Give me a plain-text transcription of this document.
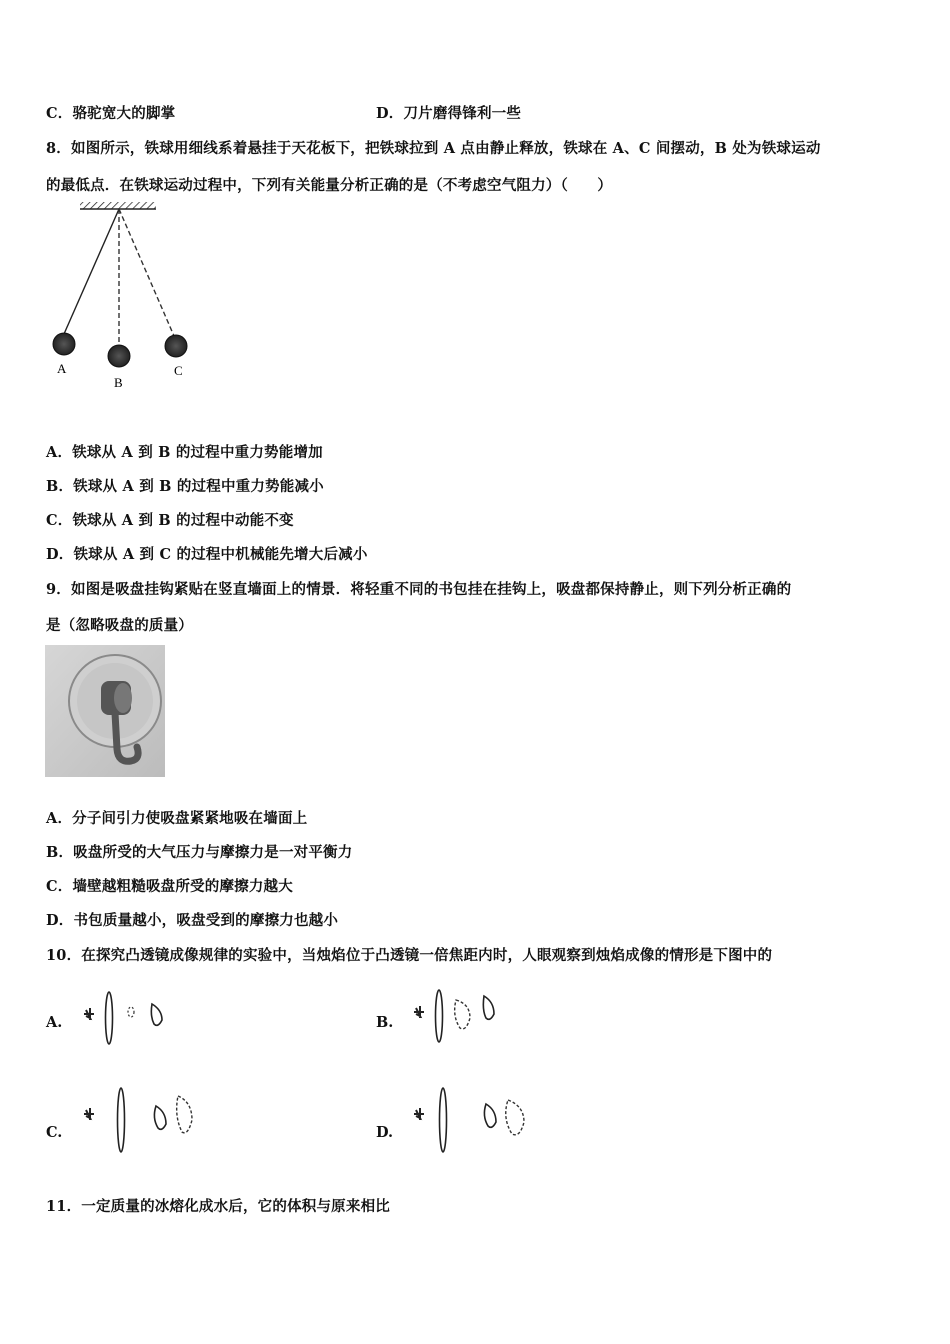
C．骆驼宽大的脚掌	D．刀片磨得锋利一些
8．如图所示，铁球用细线系着悬挂于天花板下，把铁球拉到 A 点由静止释放，铁球在 A、C 间摆动，B 处为铁球运动
的最低点．在铁球运动过程中，下列有关能量分析正确的是（不考虑空气阻力）（　　）
A
B
C
A．铁球从 A 到 B 的过程中重力势能增加
B．铁球从 A 到 B 的过程中重力势能减小
C．铁球从 A 到 B 的过程中动能不变
D．铁球从 A 到 C 的过程中机械能先增大后减小
9．如图是吸盘挂钩紧贴在竖直墙面上的情景．将轻重不同的书包挂在挂钩上，吸盘都保持静止，则下列分析正确的
是（忽略吸盘的质量）
A．分子间引力使吸盘紧紧地吸在墙面上
B．吸盘所受的大气压力与摩擦力是一对平衡力
C．墙壁越粗糙吸盘所受的摩擦力越大
D．书包质量越小，吸盘受到的摩擦力也越小
10．在探究凸透镜成像规律的实验中，当烛焰位于凸透镜一倍焦距内时，人眼观察到烛焰成像的情形是下图中的
A.	B.
C.	D.
11．一定质量的冰熔化成水后，它的体积与原来相比
